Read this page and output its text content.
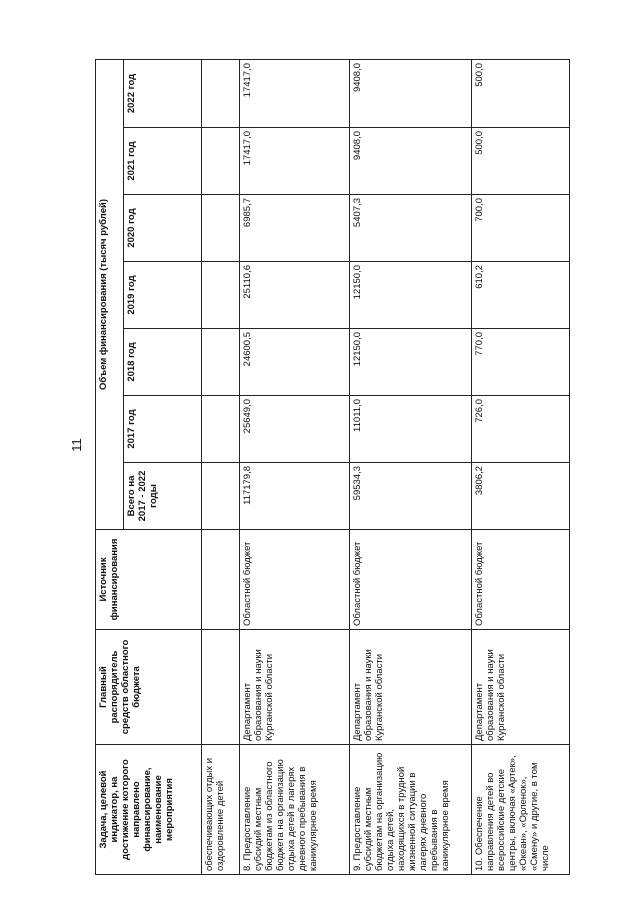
11
Задача, целевой индикатор, на достижение которого направлено финансирование, наименование мероприятия	Главный распорядитель средств областного бюджета	Источник финансирования	Объем финансирования (тысяч рублей)						
			Всего на 2017 - 2022 годы	2017 год	2018 год	2019 год	2020 год	2021 год	2022 год
обеспечивающих отдых и оздоровление детей									
8. Предоставление субсидий местным бюджетам из областного бюджета на организацию отдыха детей в лагерях дневного пребывания в каникулярное время	Департамент образования и науки Курганской области	Областной бюджет	117179,8	25649,0	24600,5	25110,6	6985,7	17417,0	17417,0
9. Предоставление субсидий местным бюджетам на организацию отдыха детей, находящихся в трудной жизненной ситуации в лагерях дневного пребывания в каникулярное время	Департамент образования и науки Курганской области	Областной бюджет	59534,3	11011,0	12150,0	12150,0	5407,3	9408,0	9408,0
10. Обеспечение направления детей во всероссийские детские центры, включая «Артек», «Океан», «Орленок», «Смену» и другие, в том числе	Департамент образования и науки Курганской области	Областной бюджет	3806,2	726,0	770,0	610,2	700,0	500,0	500,0
